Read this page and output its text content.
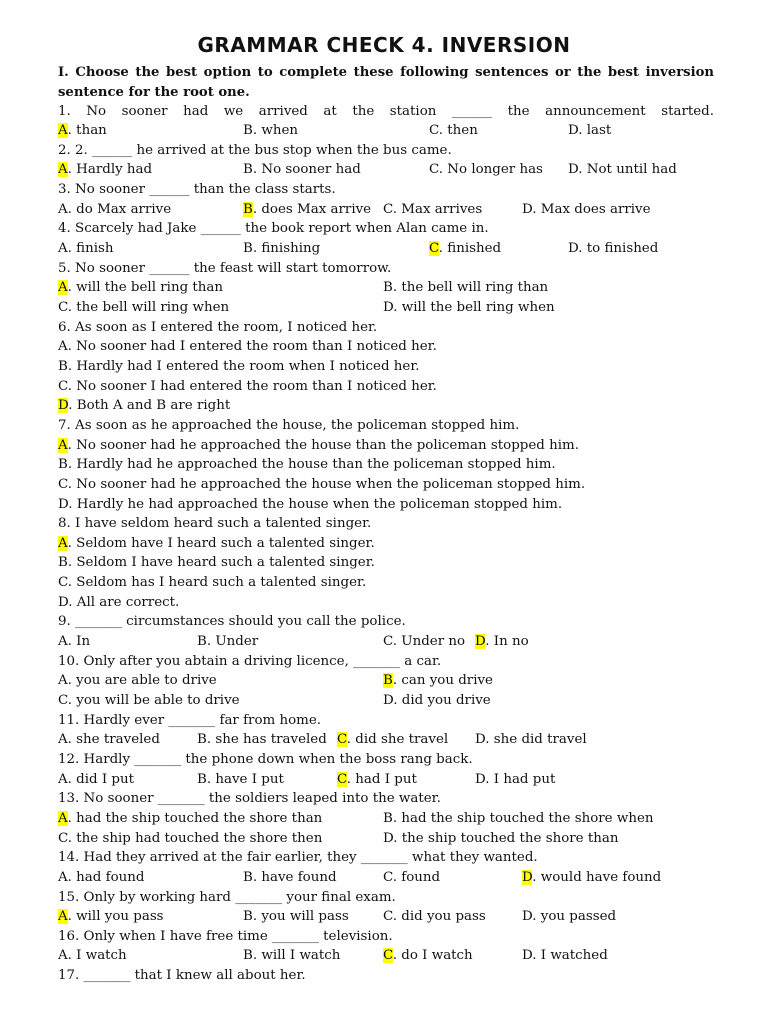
GRAMMAR CHECK 4. INVERSION
I. Choose the best option to complete these following sentences or the best inversion sentence for the root one.
1. No sooner had we arrived at the station ______ the announcement started.
A. than	B. when	C. then	D. last
2. 2. ______ he arrived at the bus stop when the bus came.
A. Hardly had	B. No sooner had	C. No longer has D. Not until had
3. No sooner ______ than the class starts.
A. do Max arrive	B. does Max arrive C. Max arrives	D. Max does arrive
4. Scarcely had Jake ______ the book report when Alan came in.
A. finish	B. finishing	C. finished	D. to finished
5. No sooner ______ the feast will start tomorrow.
A. will the bell ring than	B. the bell will ring than
C. the bell will ring when	D. will the bell ring when
6. As soon as I entered the room, I noticed her.
A. No sooner had I entered the room than I noticed her.
B. Hardly had I entered the room when I noticed her.
C. No sooner I had entered the room than I noticed her.
D. Both A and B are right
7. As soon as he approached the house, the policeman stopped him.
A. No sooner had he approached the house than the policeman stopped him.
B. Hardly had he approached the house than the policeman stopped him.
C. No sooner had he approached the house when the policeman stopped him.
D. Hardly he had approached the house when the policeman stopped him.
8. I have seldom heard such a talented singer.
A. Seldom have I heard such a talented singer.
B. Seldom I have heard such a talented singer.
C. Seldom has I heard such a talented singer.
D. All are correct.
9. _______ circumstances should you call the police.
A. In	B. Under	C. Under no D. In no
10. Only after you abtain a driving licence, _______ a car.
A. you are able to drive	B. can you drive
C. you will be able to drive	D. did you drive
11. Hardly ever _______ far from home.
A. she traveled	B. she has traveled C. did she travel D. she did travel
12. Hardly _______ the phone down when the boss rang back.
A. did I put	B. have I put	C. had I put	D. I had put
13. No sooner _______ the soldiers leaped into the water.
A. had the ship touched the shore than	B. had the ship touched the shore when
C. the ship had touched the shore then	D. the ship touched the shore than
14. Had they arrived at the fair earlier, they _______ what they wanted.
A. had found	B. have found	C. found	D. would have found
15. Only by working hard _______ your final exam.
A. will you pass	B. you will pass	C. did you pass	D. you passed
16. Only when I have free time _______ television.
A. I watch	B. will I watch	C. do I watch	D. I watched
17. _______ that I knew all about her.
